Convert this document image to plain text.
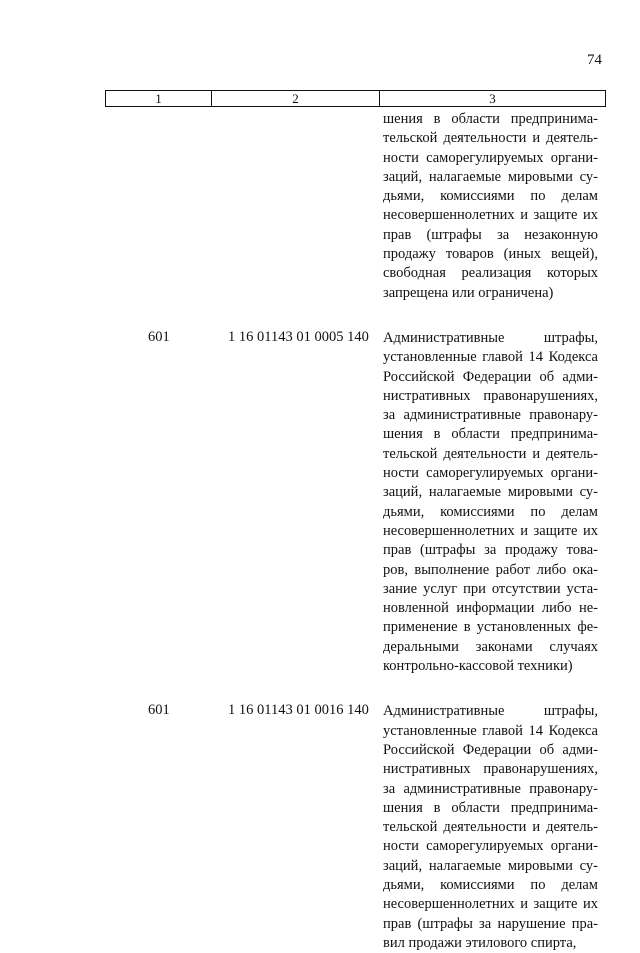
74
1	2	3
шения в области предпринима-
тельской деятельности и деятель-
ности саморегулируемых органи-
заций, налагаемые мировыми су-
дьями, комиссиями по делам
несовершеннолетних и защите их
прав (штрафы за незаконную
продажу товаров (иных вещей),
свободная реализация которых
запрещена или ограничена)
601	1 16 01143 01 0005 140 Административные штрафы,
установленные главой 14 Кодекса
Российской Федерации об адми-
нистративных правонарушениях,
за административные правонару-
шения в области предпринима-
тельской деятельности и деятель-
ности саморегулируемых органи-
заций, налагаемые мировыми су-
дьями, комиссиями по делам
несовершеннолетних и защите их
прав (штрафы за продажу това-
ров, выполнение работ либо ока-
зание услуг при отсутствии уста-
новленной информации либо не-
применение в установленных фе-
деральными законами случаях
контрольно-кассовой техники)
601	1 16 01143 01 0016 140 Административные штрафы,
установленные главой 14 Кодекса
Российской Федерации об адми-
нистративных правонарушениях,
за административные правонару-
шения в области предпринима-
тельской деятельности и деятель-
ности саморегулируемых органи-
заций, налагаемые мировыми су-
дьями, комиссиями по делам
несовершеннолетних и защите их
прав (штрафы за нарушение пра-
вил продажи этилового спирта,
